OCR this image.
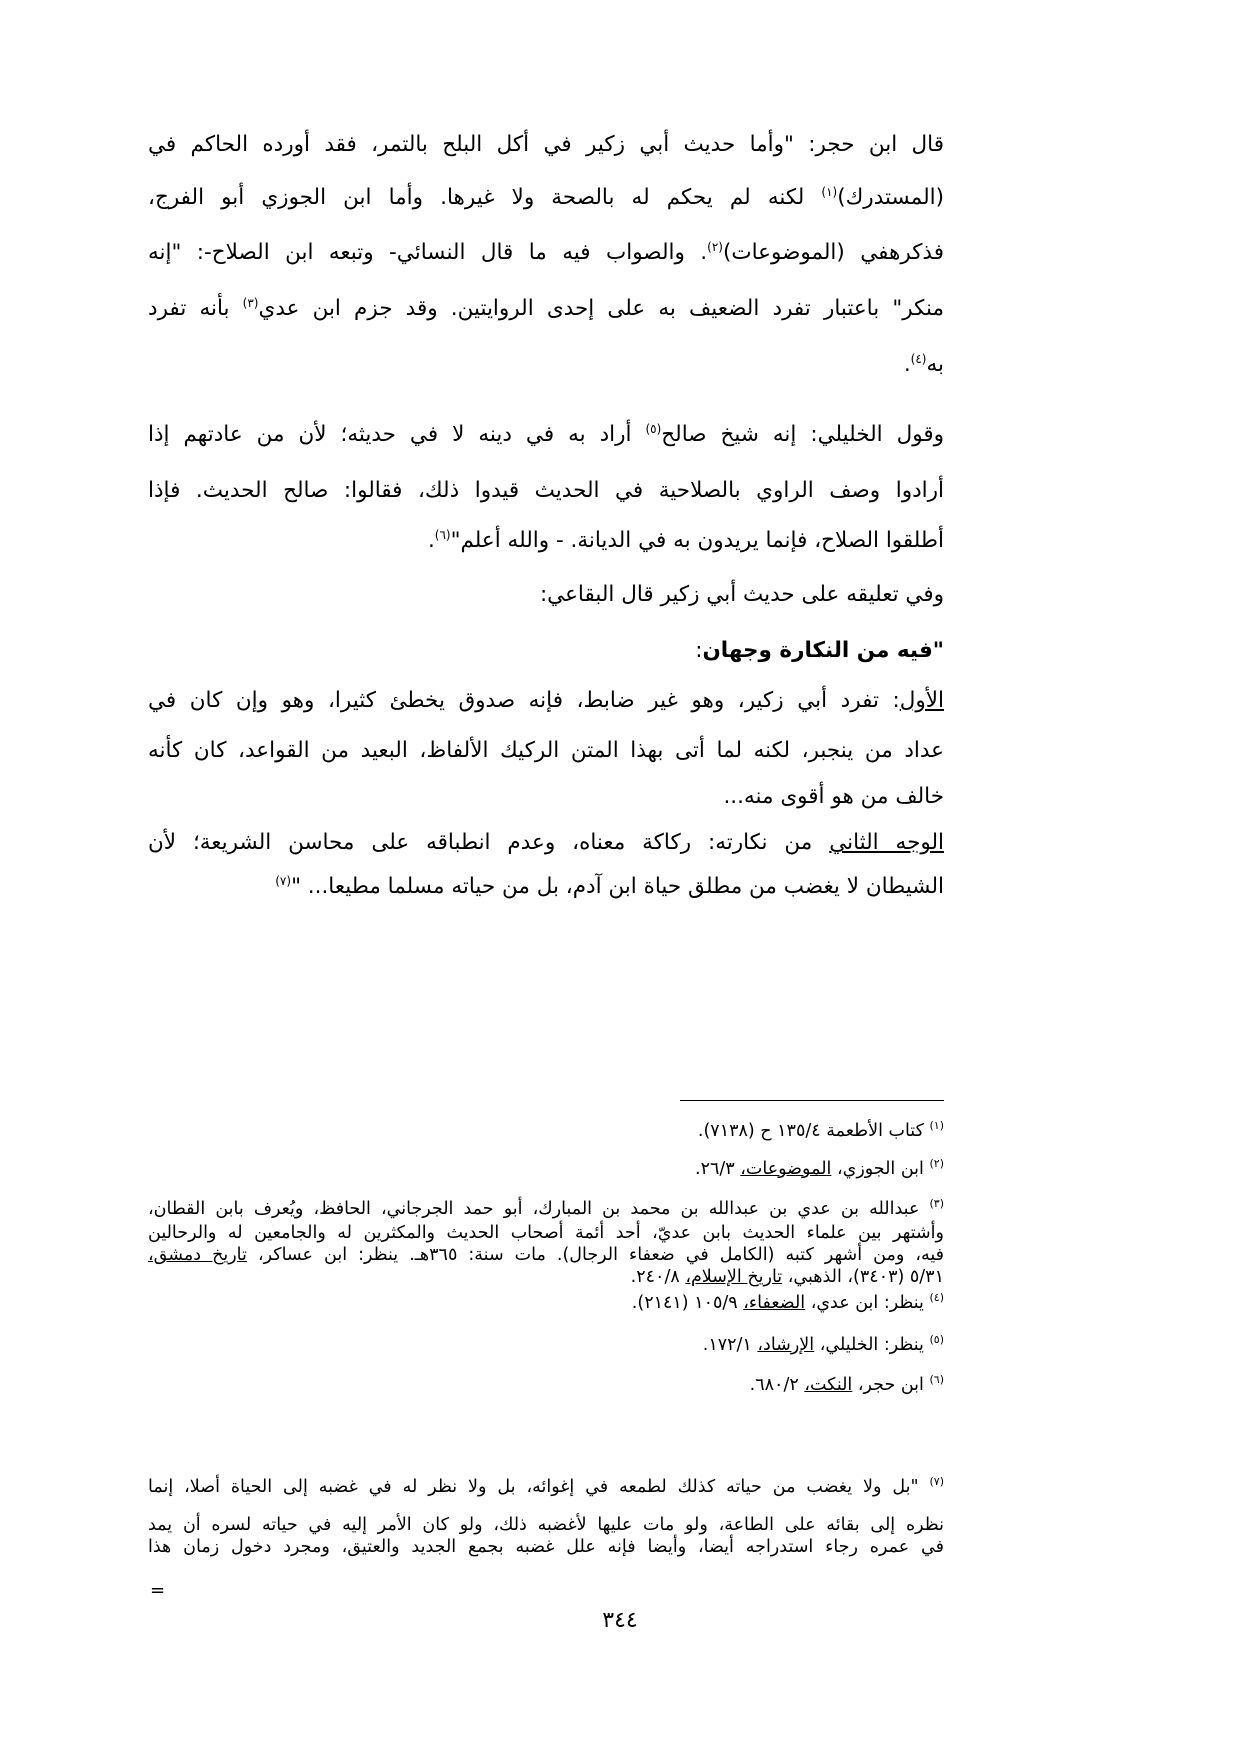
قال ابن حجر: "وأما حديث أبي زكير في أكل البلح بالتمر، فقد أورده الحاكم في
(المستدرك)$^{(١)}$ لكنه لم يحكم له بالصحة ولا غيرها. وأما ابن الجوزي أبو الفرج،
فذكرهفي (الموضوعات)$^{(٢)}$. والصواب فيه ما قال النسائي- وتبعه ابن الصلاح-: "إنه
منكر" باعتبار تفرد الضعيف به على إحدى الروايتين. وقد جزم ابن عدي$^{(٣)}$ بأنه تفرد
به$^{(٤)}$.
وقول الخليلي: إنه شيخ صالح$^{(٥)}$ أراد به في دينه لا في حديثه؛ لأن من عادتهم إذا
أرادوا وصف الراوي بالصلاحية في الحديث قيدوا ذلك، فقالوا: صالح الحديث. فإذا
أطلقوا الصلاح، فإنما يريدون به في الديانة. - والله أعلم"$^{(٦)}$.
وفي تعليقه على حديث أبي زكير قال البقاعي:
"فيه من النكارة وجهان:
الأول: تفرد أبي زكير، وهو غير ضابط، فإنه صدوق يخطئ كثيرا، وهو وإن كان في
عداد من ينجبر، لكنه لما أتى بهذا المتن الركيك الألفاظ، البعيد من القواعد، كان كأنه
خالف من هو أقوى منه...
الوجه الثاني من نكارته: ركاكة معناه، وعدم انطباقه على محاسن الشريعة؛ لأن
الشيطان لا يغضب من مطلق حياة ابن آدم، بل من حياته مسلما مطيعا... "$^{(٧)}$
$^{(١)}$ كتاب الأطعمة ١٣٥/٤ ح (٧١٣٨).
$^{(٢)}$ ابن الجوزي، الموضوعات، ٢٦/٣.
$^{(٣)}$ عبدالله بن عدي بن عبدالله بن محمد بن المبارك، أبو حمد الجرجاني، الحافظ، ويُعرف بابن القطان،
وأشتهر بين علماء الحديث بابن عديّ، أحد أئمة أصحاب الحديث والمكثرين له والجامعين له والرحالين
فيه، ومن أشهر كتبه (الكامل في ضعفاء الرجال). مات سنة: ٣٦٥هـ. ينظر: ابن عساكر، تاريخ دمشق،
٥/٣١ (٣٤٠٣)، الذهبي، تاريخ الإسلام، ٢٤٠/٨.
$^{(٤)}$ ينظر: ابن عدي، الضعفاء، ١٠٥/٩ (٢١٤١).
$^{(٥)}$ ينظر: الخليلي، الإرشاد، ١٧٢/١.
$^{(٦)}$ ابن حجر، النكت، ٦٨٠/٢.
$^{(٧)}$ "بل ولا يغضب من حياته كذلك لطمعه في إغوائه، بل ولا نظر له في غضبه إلى الحياة أصلا، إنما
نظره إلى بقائه على الطاعة، ولو مات عليها لأغضبه ذلك، ولو كان الأمر إليه في حياته لسره أن يمد
في عمره رجاء استدراجه أيضا، وأيضا فإنه علل غضبه بجمع الجديد والعتيق، ومجرد دخول زمان هذا
=
٣٤٤
